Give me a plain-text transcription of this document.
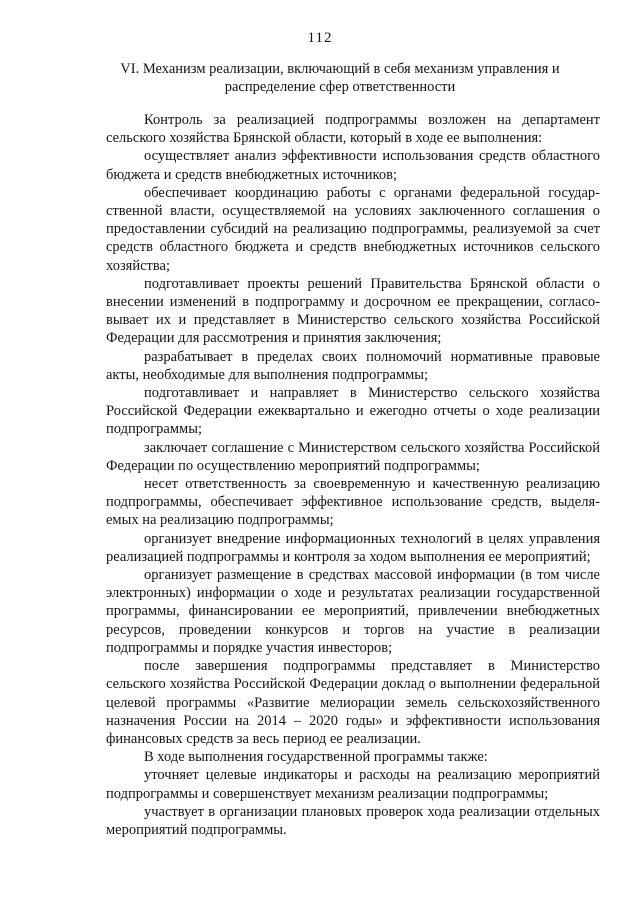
112
VI. Механизм реализации, включающий в себя механизм управления и
распределение сфер ответственности

Контроль за реализацией подпрограммы возложен на департамент сельского хозяйства Брянской области, который в ходе ее выполнения:

осуществляет анализ эффективности использования средств областного бюджета и средств внебюджетных источников;

обеспечивает координацию работы с органами федеральной государственной власти, осуществляемой на условиях заключенного соглашения о предоставлении субсидий на реализацию подпрограммы, реализуемой за счет средств областного бюджета и средств внебюджетных источников сельского хозяйства;

подготавливает проекты решений Правительства Брянской области о внесении изменений в подпрограмму и досрочном ее прекращении, согласовывает их и представляет в Министерство сельского хозяйства Российской Федерации для рассмотрения и принятия заключения;

разрабатывает в пределах своих полномочий нормативные правовые акты, необходимые для выполнения подпрограммы;

подготавливает и направляет в Министерство сельского хозяйства Российской Федерации ежеквартально и ежегодно отчеты о ходе реализации подпрограммы;

заключает соглашение с Министерством сельского хозяйства Российской Федерации по осуществлению мероприятий подпрограммы;

несет ответственность за своевременную и качественную реализацию подпрограммы, обеспечивает эффективное использование средств, выделяемых на реализацию подпрограммы;

организует внедрение информационных технологий в целях управления реализацией подпрограммы и контроля за ходом выполнения ее мероприятий;

организует размещение в средствах массовой информации (в том числе электронных) информации о ходе и результатах реализации государственной программы, финансировании ее мероприятий, привлечении внебюджетных ресурсов, проведении конкурсов и торгов на участие в реализации подпрограммы и порядке участия инвесторов;

после завершения подпрограммы представляет в Министерство сельского хозяйства Российской Федерации доклад о выполнении федеральной целевой программы «Развитие мелиорации земель сельскохозяйственного назначения России на 2014 – 2020 годы» и эффективности использования финансовых средств за весь период ее реализации.

В ходе выполнения государственной программы также:

уточняет целевые индикаторы и расходы на реализацию мероприятий подпрограммы и совершенствует механизм реализации подпрограммы;

участвует в организации плановых проверок хода реализации отдельных мероприятий подпрограммы.
